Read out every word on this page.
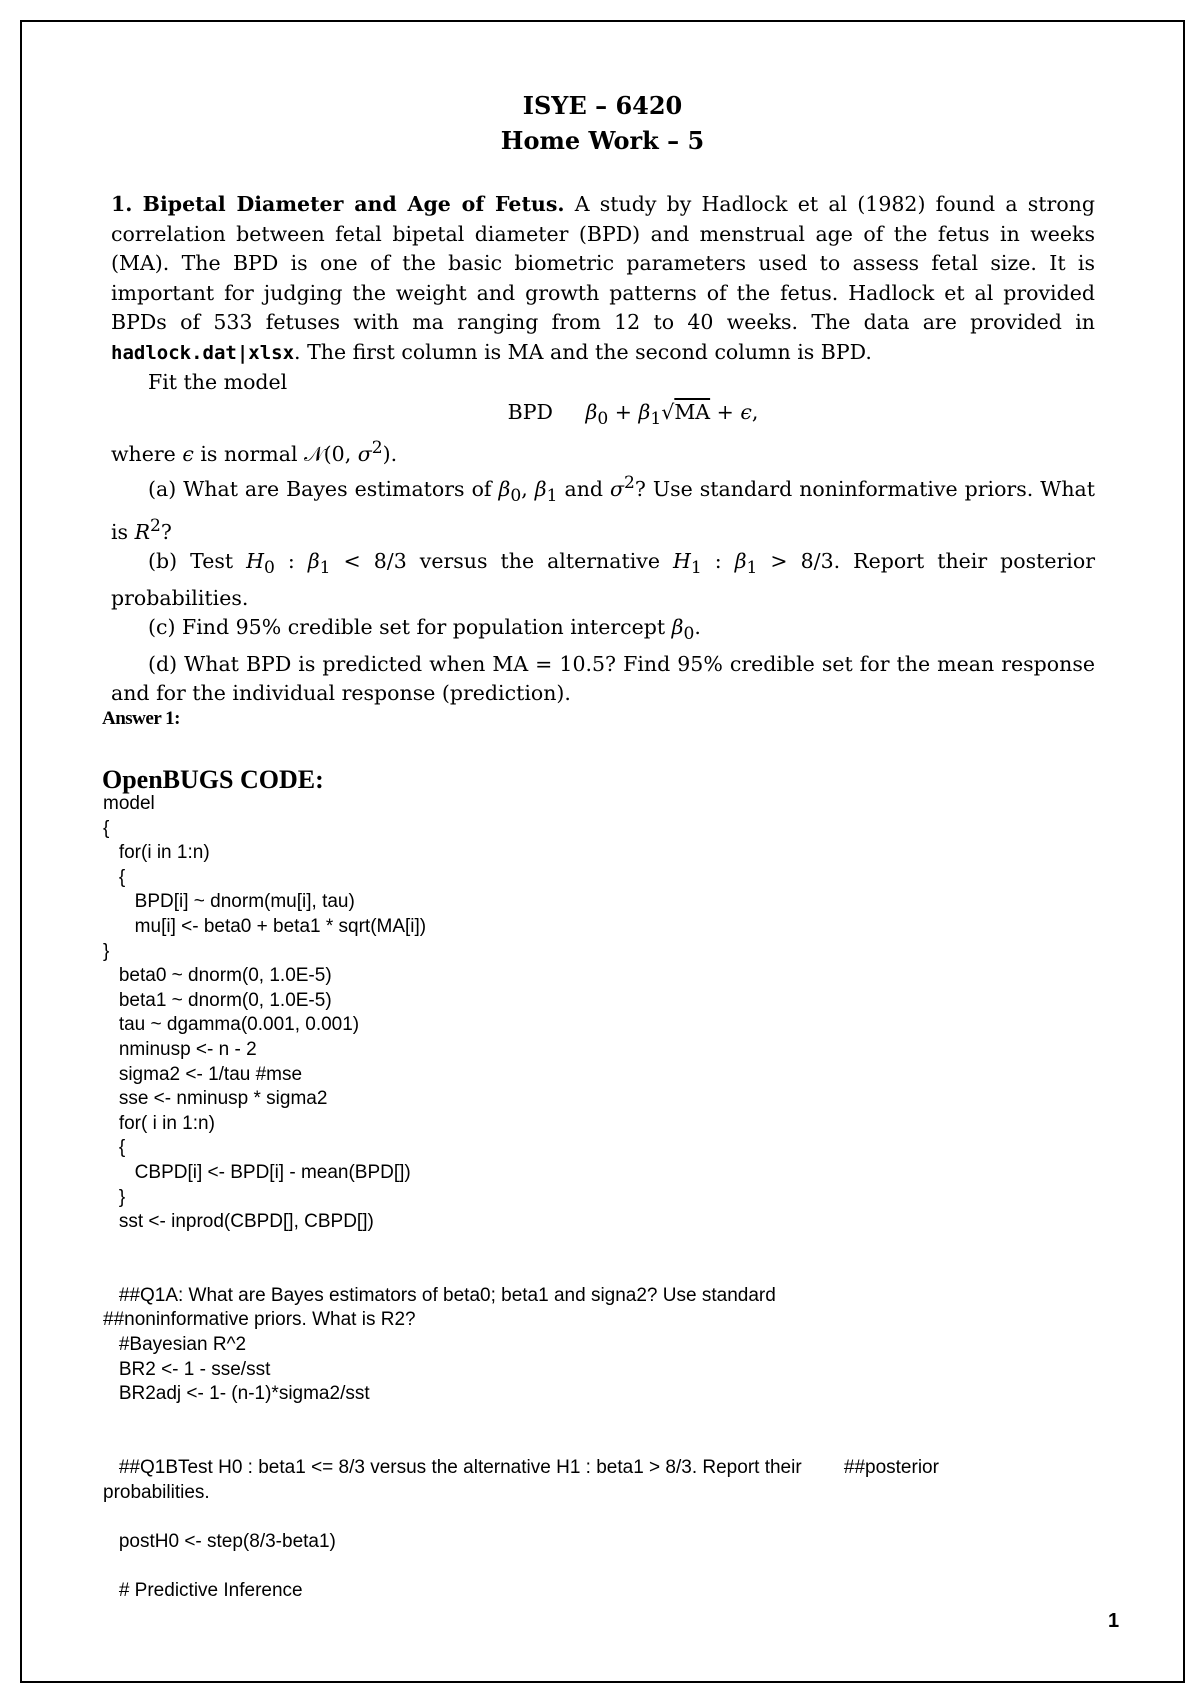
ISYE – 6420
Home Work – 5

1. Bipetal Diameter and Age of Fetus. A study by Hadlock et al (1982) found a strong correlation between fetal bipetal diameter (BPD) and menstrual age of the fetus in weeks (MA). The BPD is one of the basic biometric parameters used to assess fetal size. It is important for judging the weight and growth patterns of the fetus. Hadlock et al provided BPDs of 533 fetuses with ma ranging from 12 to 40 weeks. The data are provided in hadlock.dat|xlsx. The first column is MA and the second column is BPD.

Fit the model

BPD     $\beta_0 + \beta_1√MA + \epsilon$,

where ϵ is normal 𝒩(0, $\sigma^2$).

(a) What are Bayes estimators of $\beta_0$, $\beta_1$ and $\sigma^2$? Use standard noninformative priors. What is $R^2$?

(b) Test $H_0$ : $\beta_1 < 8/3$ versus the alternative $H_1$ : $\beta_1 > 8/3$. Report their posterior probabilities.

(c) Find 95% credible set for population intercept $\beta_0$.

(d) What BPD is predicted when MA = 10.5? Find 95% credible set for the mean response and for the individual response (prediction).

Answer 1:
OpenBUGS CODE:
model
{
for(i in 1:n)
{
BPD[i] ~ dnorm(mu[i], tau)
mu[i] <- beta0 + beta1 * sqrt(MA[i])
}
beta0 ~ dnorm(0, 1.0E-5)
beta1 ~ dnorm(0, 1.0E-5)
tau ~ dgamma(0.001, 0.001)
nminusp <- n - 2
sigma2 <- 1/tau #mse
sse <- nminusp * sigma2
for( i in 1:n)
{
CBPD[i] <- BPD[i] - mean(BPD[])
}
sst <- inprod(CBPD[], CBPD[])
##Q1A: What are Bayes estimators of beta0; beta1 and signa2? Use standard
##noninformative priors. What is R2?
#Bayesian R^2
BR2 <- 1 - sse/sst
BR2adj <- 1- (n-1)*sigma2/sst
##Q1BTest H0 : beta1 <= 8/3 versus the alternative H1 : beta1 > 8/3. Report their        ##posterior
probabilities.
postH0 <- step(8/3-beta1)
# Predictive Inference
1
